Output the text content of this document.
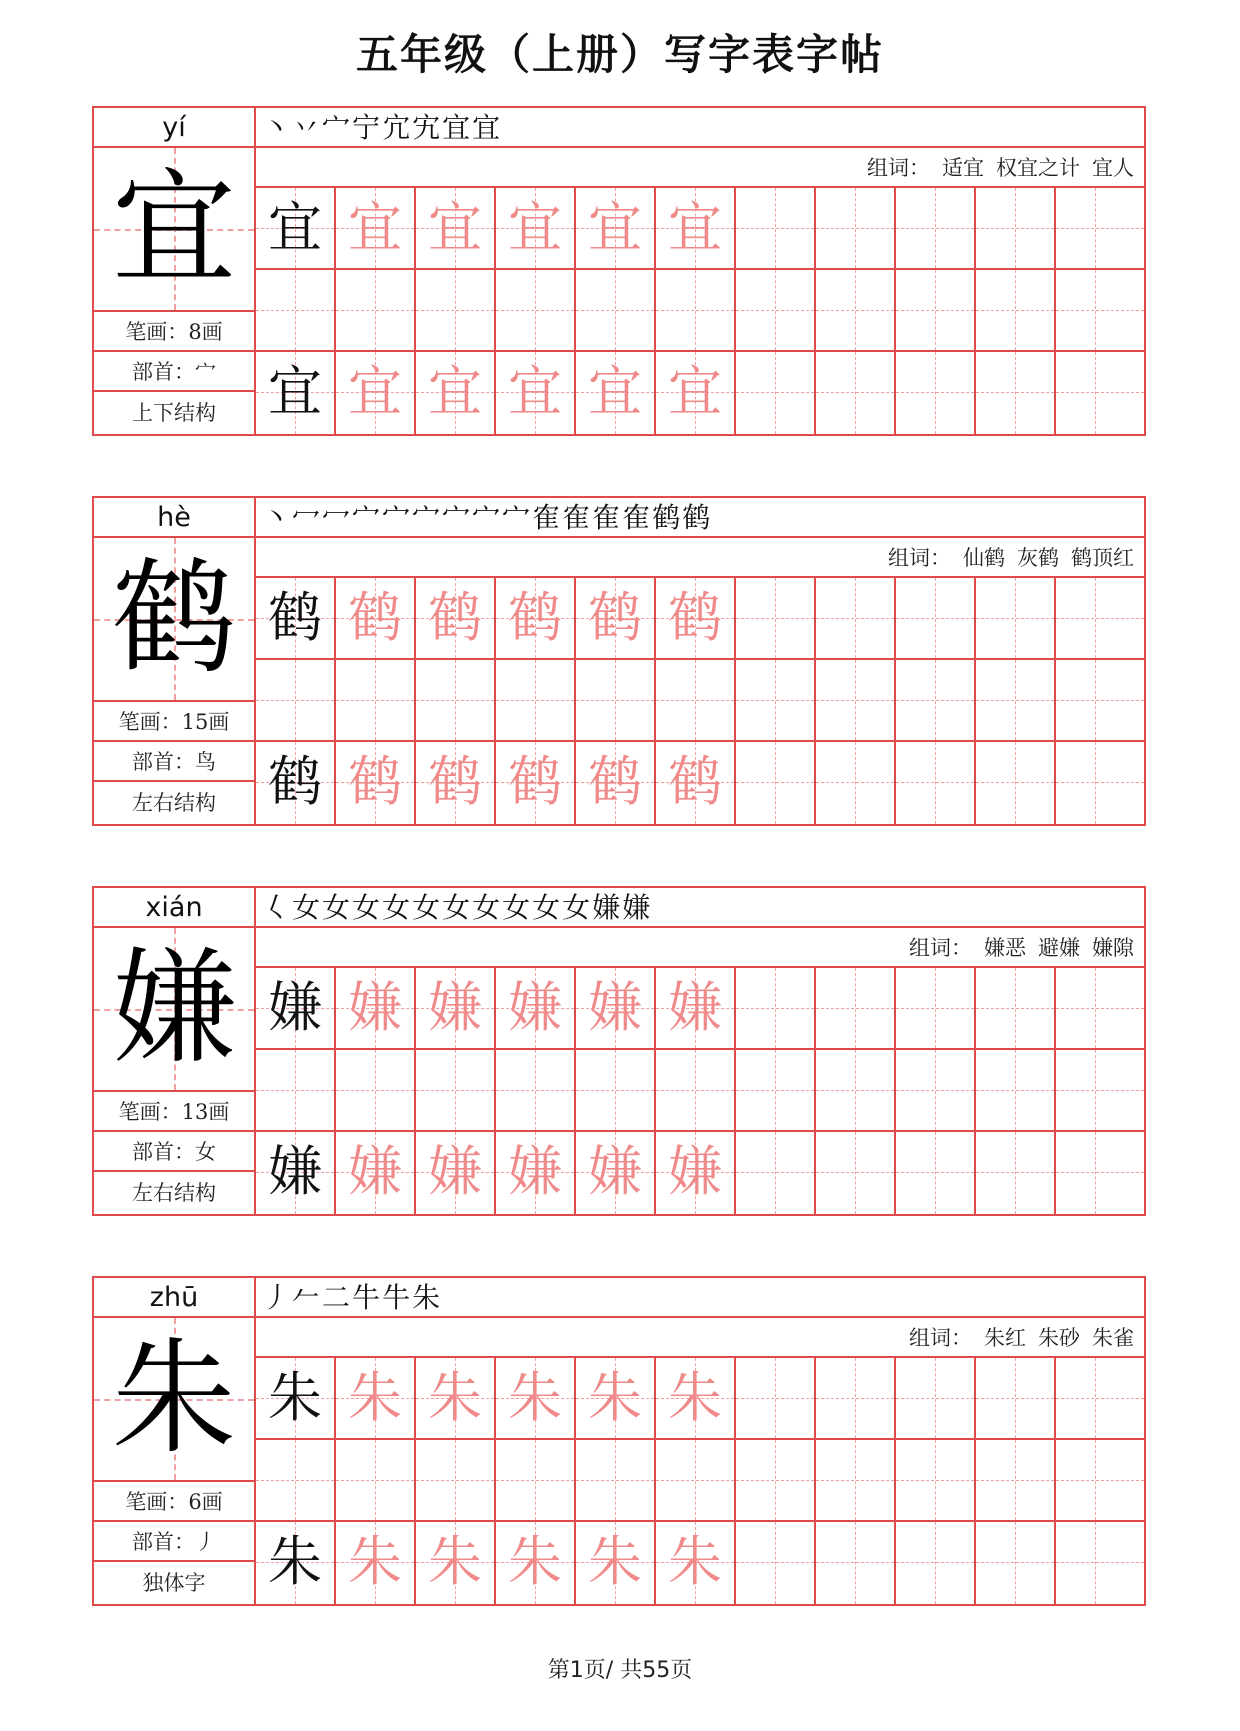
五年级（上册）写字表字帖
yí
宜
笔画：8画
部首：宀
上下结构
丶丷宀宁宂宄宜宜
组词： 适宜 权宜之计 宜人
宜 宜 宜 宜 宜 宜
宜 宜 宜 宜 宜 宜
hè
鹤
笔画：15画
部首：鸟
左右结构
丶冖冖宀宀宀宀宀宀隺隺隺隺鹤鹤
组词： 仙鹤 灰鹤 鹤顶红
鹤 鹤 鹤 鹤 鹤 鹤
鹤 鹤 鹤 鹤 鹤 鹤
xián
嫌
笔画：13画
部首：女
左右结构
𡿨女女女女女女女女女女嫌嫌
组词： 嫌恶 避嫌 嫌隙
嫌 嫌 嫌 嫌 嫌 嫌
嫌 嫌 嫌 嫌 嫌 嫌
zhū
朱
笔画：6画
部首：丿
独体字
丿𠂉二牛牛朱
组词： 朱红 朱砂 朱雀
朱 朱 朱 朱 朱 朱
朱 朱 朱 朱 朱 朱
第1页/ 共55页
